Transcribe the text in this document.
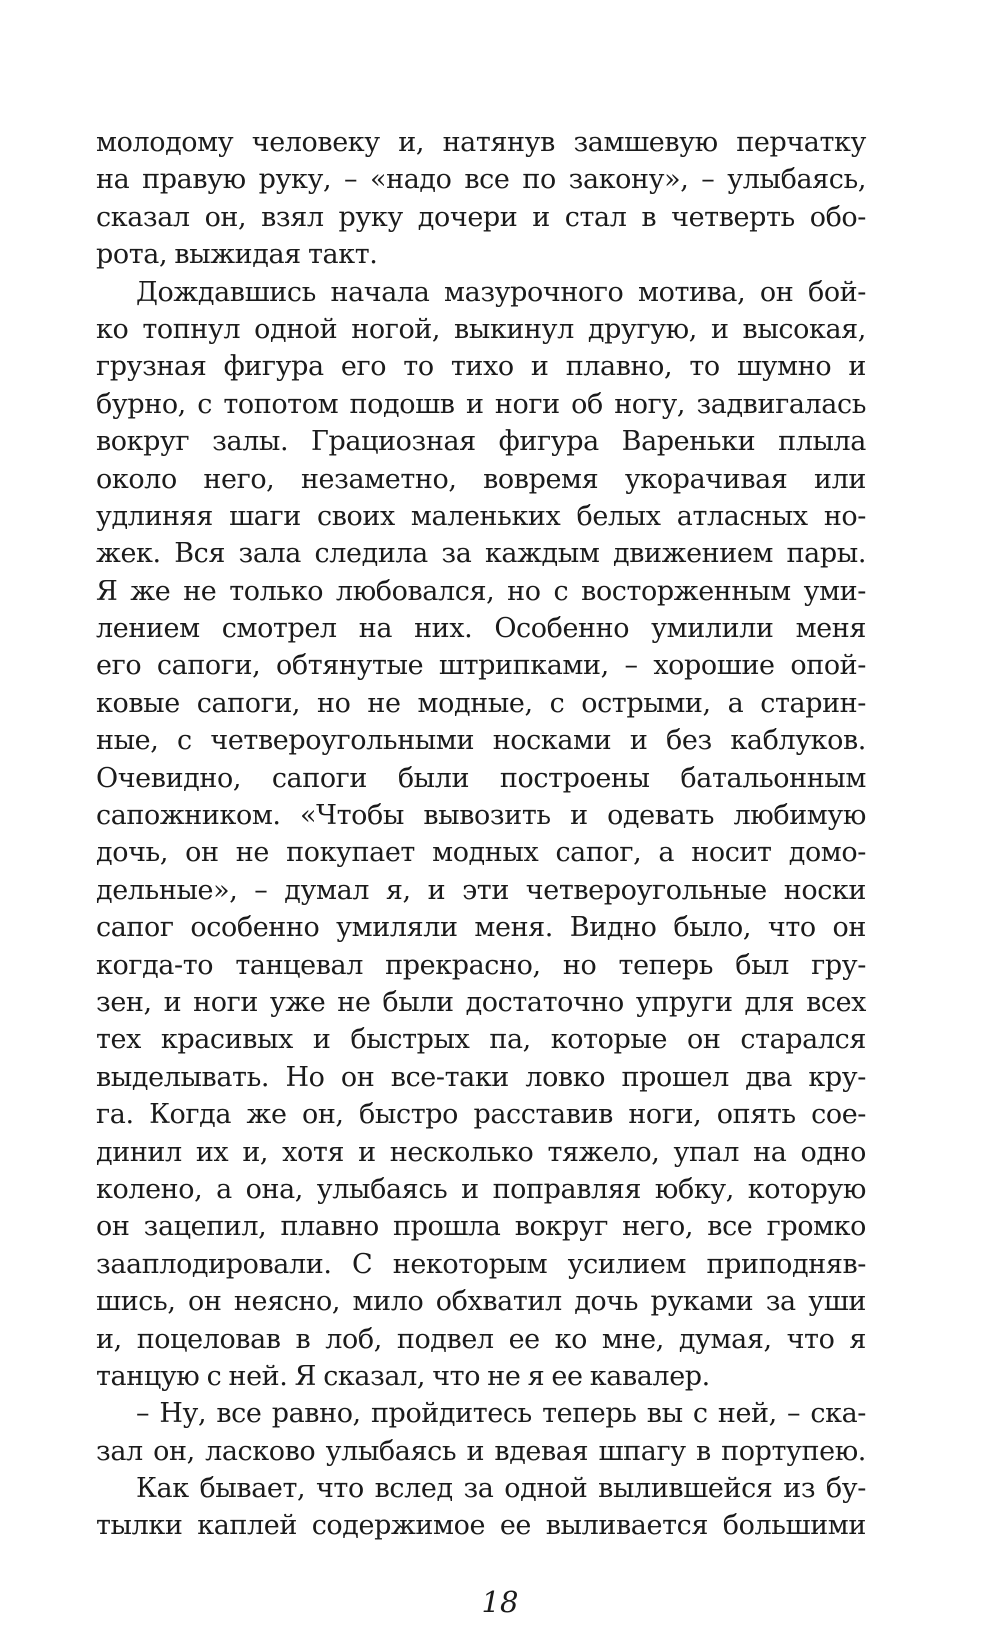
молодому человеку и, натянув замшевую перчатку
на правую руку, – «надо все по закону», – улыбаясь,
сказал он, взял руку дочери и стал в четверть обо-
рота, выжидая такт.
Дождавшись начала мазурочного мотива, он бой-
ко топнул одной ногой, выкинул другую, и высокая,
грузная фигура его то тихо и плавно, то шумно и
бурно, с топотом подошв и ноги об ногу, задвигалась
вокруг залы. Грациозная фигура Вареньки плыла
около него, незаметно, вовремя укорачивая или
удлиняя шаги своих маленьких белых атласных но-
жек. Вся зала следила за каждым движением пары.
Я же не только любовался, но с восторженным уми-
лением смотрел на них. Особенно умилили меня
его сапоги, обтянутые штрипками, – хорошие опой-
ковые сапоги, но не модные, с острыми, а старин-
ные, с четвероугольными носками и без каблуков.
Очевидно, сапоги были построены батальонным
сапожником. «Чтобы вывозить и одевать любимую
дочь, он не покупает модных сапог, а носит домо-
дельные», – думал я, и эти четвероугольные носки
сапог особенно умиляли меня. Видно было, что он
когда-то танцевал прекрасно, но теперь был гру-
зен, и ноги уже не были достаточно упруги для всех
тех красивых и быстрых па, которые он старался
выделывать. Но он все-таки ловко прошел два кру-
га. Когда же он, быстро расставив ноги, опять сое-
динил их и, хотя и несколько тяжело, упал на одно
колено, а она, улыбаясь и поправляя юбку, которую
он зацепил, плавно прошла вокруг него, все громко
зааплодировали. С некоторым усилием приподняв-
шись, он неясно, мило обхватил дочь руками за уши
и, поцеловав в лоб, подвел ее ко мне, думая, что я
танцую с ней. Я сказал, что не я ее кавалер.
– Ну, все равно, пройдитесь теперь вы с ней, – ска-
зал он, ласково улыбаясь и вдевая шпагу в портупею.
Как бывает, что вслед за одной вылившейся из бу-
тылки каплей содержимое ее выливается большими
18
